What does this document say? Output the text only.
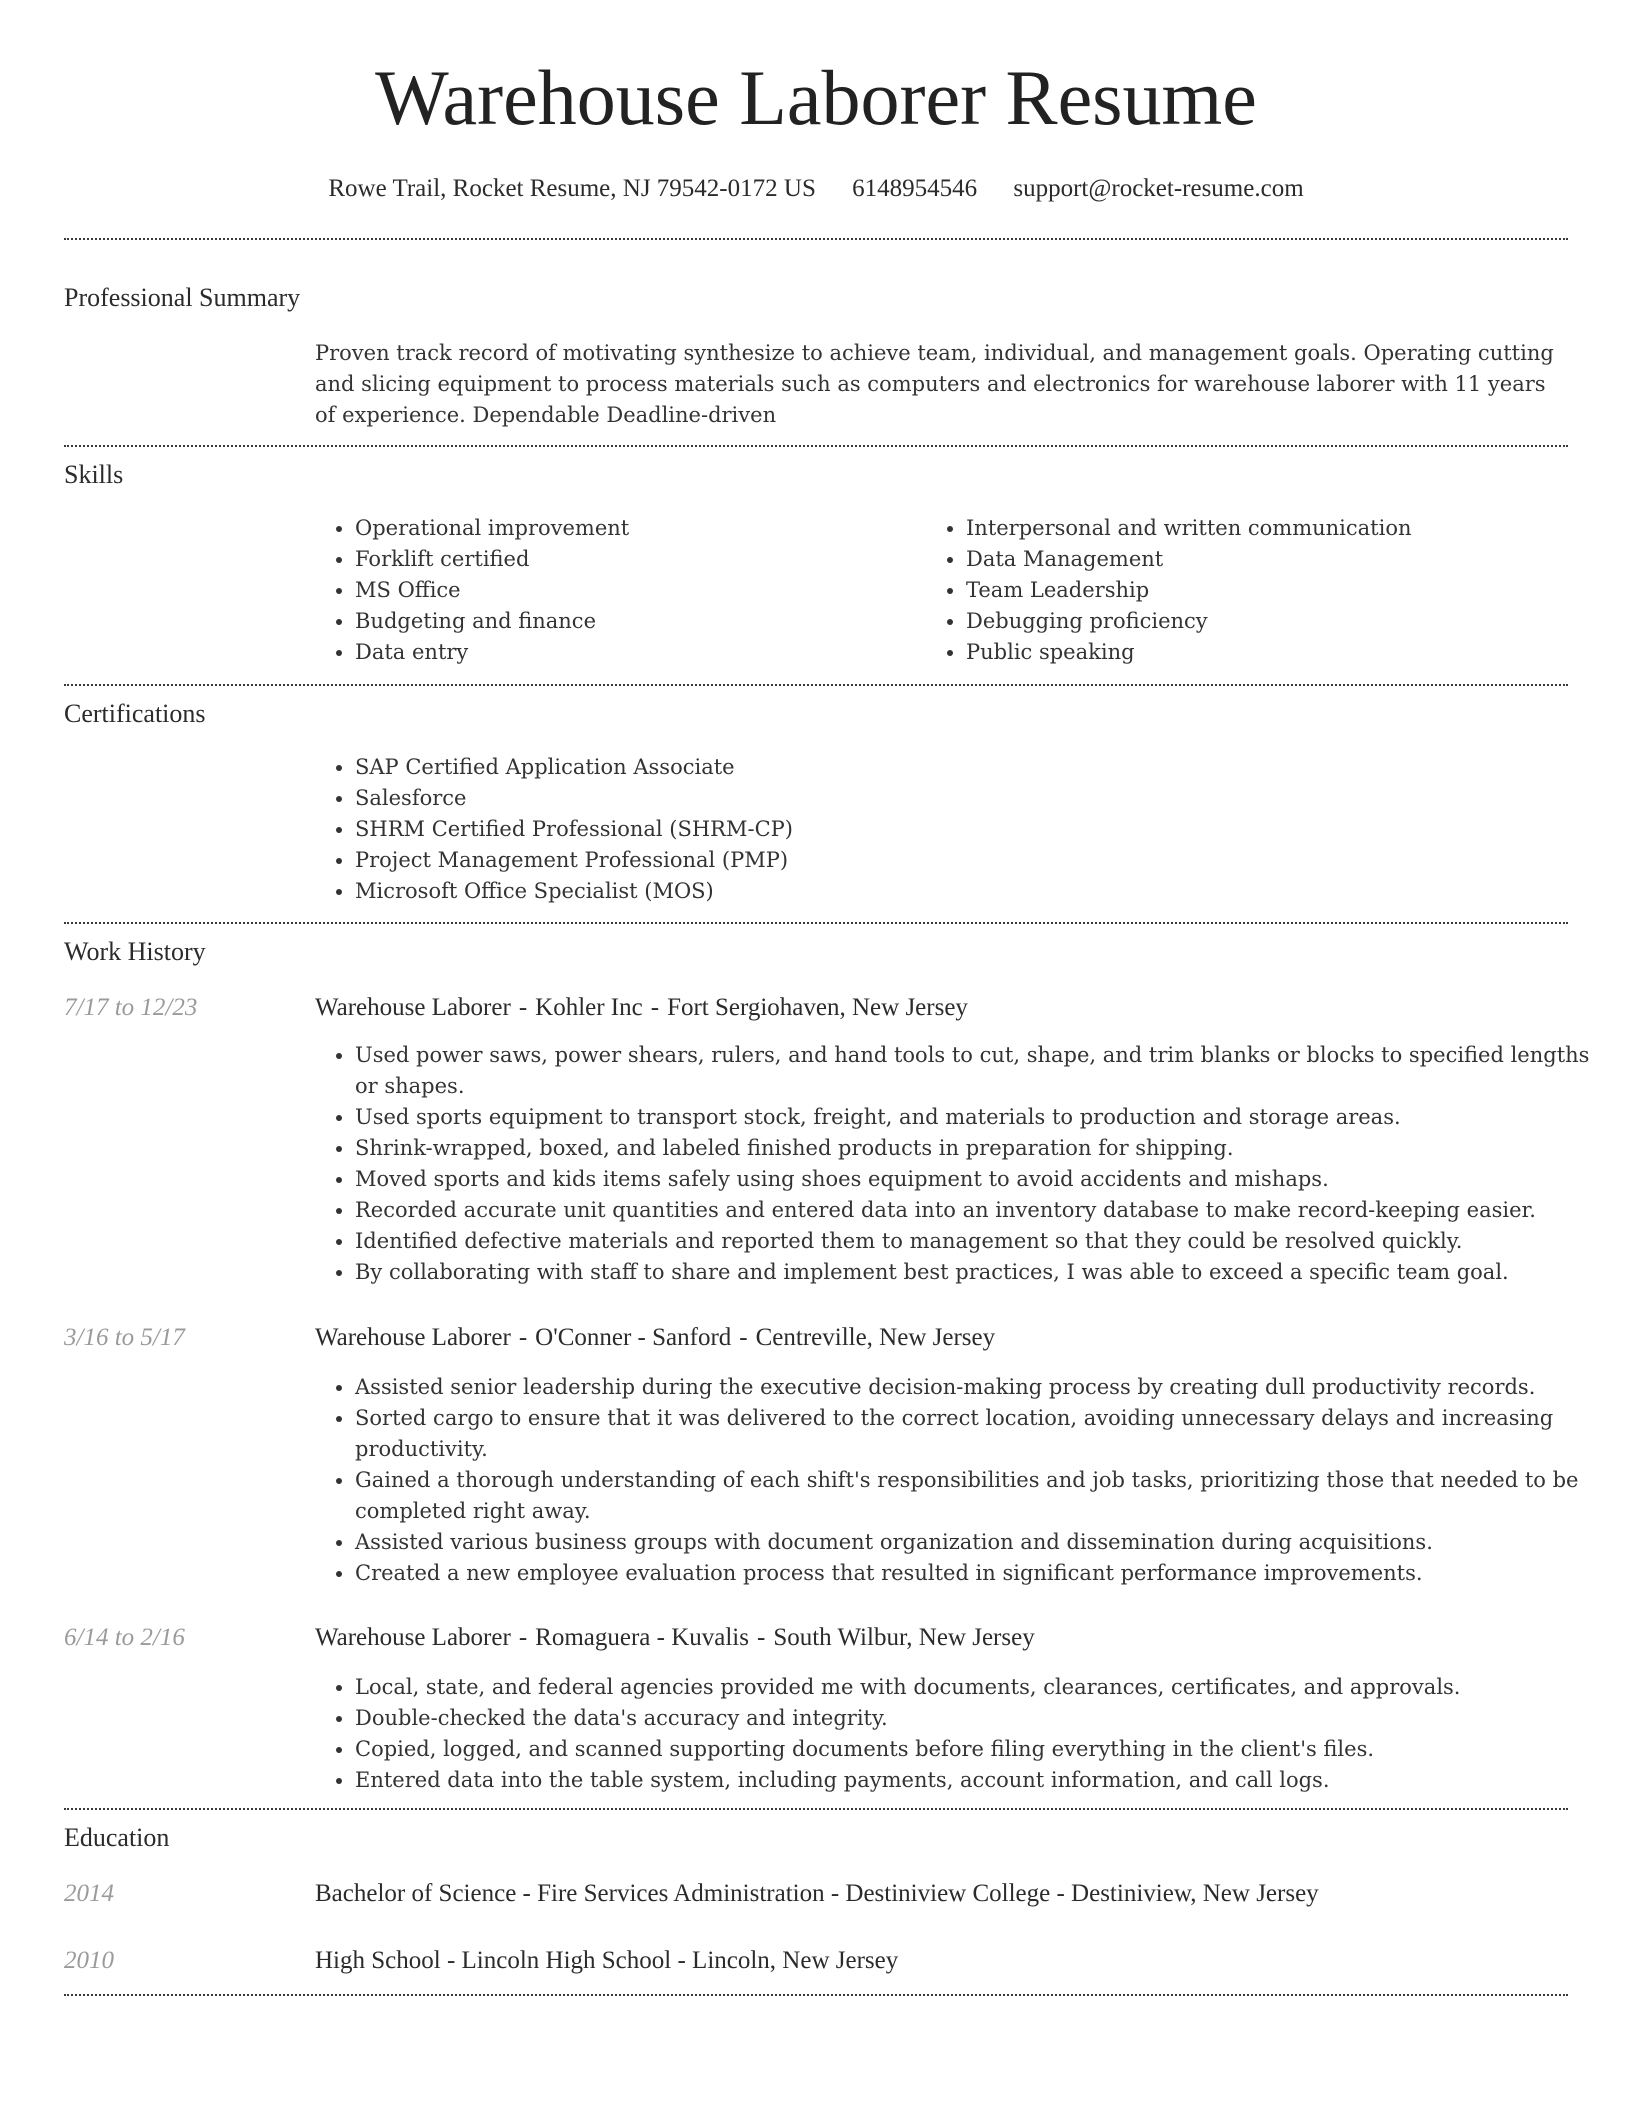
Warehouse Laborer Resume
Rowe Trail, Rocket Resume, NJ 79542-0172 US 6148954546 support@rocket-resume.com
Professional Summary
Proven track record of motivating synthesize to achieve team, individual, and management goals. Operating cutting and slicing equipment to process materials such as computers and electronics for warehouse laborer with 11 years of experience. Dependable Deadline-driven
Skills
• Operational improvement
• Forklift certified
• MS Office
• Budgeting and finance
• Data entry
• Interpersonal and written communication
• Data Management
• Team Leadership
• Debugging proficiency
• Public speaking
Certifications
• SAP Certified Application Associate
• Salesforce
• SHRM Certified Professional (SHRM-CP)
• Project Management Professional (PMP)
• Microsoft Office Specialist (MOS)
Work History
7/17 to 12/23	Warehouse Laborer - Kohler Inc - Fort Sergiohaven, New Jersey
• Used power saws, power shears, rulers, and hand tools to cut, shape, and trim blanks or blocks to specified lengths or shapes.
• Used sports equipment to transport stock, freight, and materials to production and storage areas.
• Shrink-wrapped, boxed, and labeled finished products in preparation for shipping.
• Moved sports and kids items safely using shoes equipment to avoid accidents and mishaps.
• Recorded accurate unit quantities and entered data into an inventory database to make record-keeping easier.
• Identified defective materials and reported them to management so that they could be resolved quickly.
• By collaborating with staff to share and implement best practices, I was able to exceed a specific team goal.
3/16 to 5/17	Warehouse Laborer - O'Conner - Sanford - Centreville, New Jersey
• Assisted senior leadership during the executive decision-making process by creating dull productivity records.
• Sorted cargo to ensure that it was delivered to the correct location, avoiding unnecessary delays and increasing productivity.
• Gained a thorough understanding of each shift's responsibilities and job tasks, prioritizing those that needed to be completed right away.
• Assisted various business groups with document organization and dissemination during acquisitions.
• Created a new employee evaluation process that resulted in significant performance improvements.
6/14 to 2/16	Warehouse Laborer - Romaguera - Kuvalis - South Wilbur, New Jersey
• Local, state, and federal agencies provided me with documents, clearances, certificates, and approvals.
• Double-checked the data's accuracy and integrity.
• Copied, logged, and scanned supporting documents before filing everything in the client's files.
• Entered data into the table system, including payments, account information, and call logs.
Education
2014	Bachelor of Science - Fire Services Administration - Destiniview College - Destiniview, New Jersey
2010	High School - Lincoln High School - Lincoln, New Jersey
